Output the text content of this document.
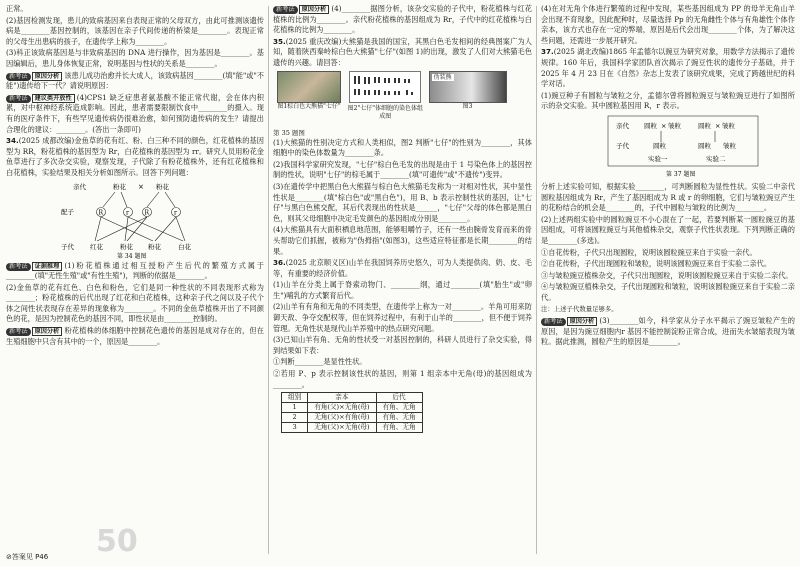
正常。

(2)基因检测发现，患儿的致病基因来自表现正常的父母双方，由此可推测该遗传病是________基因控制的，该基因在亲子代间传递的桥梁是________。表现正常的父母生出患病的孩子，在遗传学上称为________。

(3)科正该致病基因是与非致病基因的 DNA 进行操作，因为基因是________。基因编辑后，患儿身体恢复正常，说明基因与性状的关系是________。

新考法 原因分析 该患儿成功治愈并长大成人，该致病基因________(填"能"或"不能")遗传给下一代？请说明原因：

新考法 建议类开放性 (4)CPS1 缺乏症患者氨基酸不能正常代谢，会在体内积累，对中枢神经系统造成影响。因此，患者需要限制饮食中________的摄入。现有的医疗条件下，有些罕见遗传病仍很难治愈，如何预防遗传病的发生？请提出合理化的建议：________。(答出一条即可)

34.(2025 成都改编)金鱼草的花有红、粉、白三种不同的颜色，红花植株的基因型为 RR，粉花植株的基因型为 Rr，白花植株的基因型为 rr。研究人员用粉花金鱼草进行了多次杂交实验，观察发现，子代除了有粉花植株外，还有红花植株和白花植株，实验结果及相关分析如图所示。回答下列问题：

亲代	粉花 × 粉花
配子	R	r	R	r
子代 红花	粉花 粉花	白花
第 34 题图

新考法 证据推理 (1)粉花植株通过相互授粉产生后代的繁殖方式属于________(填"无性生殖"或"有性生殖")，判断的依据是________。

(2)金鱼草的花有红色、白色和粉色，它们是同一种性状的不同表现形式称为________；粉花植株的后代出现了红花和白花植株，这种亲子代之间以及子代个体之间性状表现存在差异的现象称为________。不同的金鱼草植株开出了不同颜色的花，是因为控制花色的基因不同，即性状是由________控制的。

新考法 原因分析 粉花植株的体细胞中控制花色遗传的基因是成对存在的，但在生殖细胞中只含有其中的一个，原因是________。

新考法 原因分析 (4)________据图分析，该杂交实验的子代中，粉花植株与红花植株的比例为________。亲代粉花植株的基因组成为 Rr，子代中的红花植株与白花植株的比例为________。

35.(2025 重庆改编)大熊猫是我国的国宝，其黑白色毛发相间的经典图案广为人知，随着陕西秦岭棕白色大熊猫"七仔"(如图 1)的出现，激发了人们对大熊猫毛色遗传的兴趣。请回答：

图1棕白色大熊猫"七仔"
	图2"七仔"体细胞的染色体组成图

伪装熊
图3

第 35 题图

(1)大熊猫的性别决定方式和人类相似，图2 判断"七仔"的性别为________，其体细胞中的染色体数量为________条。

(2)我国科学家研究发现，"七仔"棕白色毛发的出现是由于 1 号染色体上的基因控制的性状，说明"七仔"的棕毛属于________(填"可遗传"或"不遗传")变异。

(3)在遗传学中把黑白色大熊猫与棕白色大熊猫毛发称为一对相对性状，其中显性性状是________(填"棕白色"或"黑白色")，用 B、b 表示控制性状的基因，让"七仔"与黑白色熊交配，其后代表现出的性状是______，"七仔"父母的体色都是黑白色，则其父母细胞中决定毛发颜色的基因组成分别是________。

(4)大熊猫具有大面积栖息地范围，能够咀嚼竹子，还有一些由腕骨发育而来的骨头帮助它们抓握，被称为"伪拇指"(如图3)，这些适应特征都是长期________的结果。

36.(2025 北京顺义区)山羊在我国饲养历史悠久，可为人类提供肉、奶、皮、毛等，有重要的经济价值。

(1)山羊在分类上属于脊索动物门、________纲，通过________(填"胎生"或"卵生")哺乳的方式繁育后代。

(2)山羊有有角和无角的不同类型，在遗传学上称为一对________。羊角可用来防御天敌、争夺交配权等，但在饲养过程中，有利于山羊的________，但不便于饲养管理。无角性状是现代山羊养殖中的热点研究问题。

(3)已知山羊有角、无角的性状受一对基因控制的，科研人员进行了杂交实验，得到结果如下表：

①判断________是显性性状。

②若用 P、p 表示控制该性状的基因，则第 1 组亲本中无角(母)的基因组成为________。

组别	亲本	后代
1	有角(父)×无角(母)	有角、无角
2	无角(父)×有角(母)	有角、无角
3	无角(父)×无角(母)	有角、无角

(4)在对无角个体进行繁殖的过程中发现，某些基因组成为 PP 的母羊无角山羊会出现不育现象，因此配种时，尽量选择 Pp 的无角雌性个体与有角雄性个体作亲本，该方式也存在一定的弊端，原因是后代会出现________个体，为了解决这些问题，还需进一步展开研究。

37.(2025 湖北改编)1865 年孟德尔以豌豆为研究对象，用数学方法揭示了遗传规律。160 年后，我国科学家团队首次揭示了豌豆性状的遗传分子基础，并于 2025 年 4 月 23 日在《自然》杂志上发表了该研究成果，完成了跨越世纪的科学对话。

(1)豌豆种子有圆粒与皱粒之分，孟德尔曾将圆粒豌豆与皱粒豌豆进行了如图所示的杂交实验。其中圆粒基因用 R，r 表示。

亲代 圆粒 × 皱粒	圆粒 × 皱粒
子代	圆粒	圆粒 皱粒
实验一	实验二
第 37 题图

分析上述实验可知，根据实验________，可判断圆粒为显性性状。实验二中亲代圆粒基因组成为 Rr，产生了基因组成为 R 或 r 的卵细胞，它们与皱粒豌豆产生的花粉结合的机会是________的，子代中圆粒与皱粒的比例为________。

(2)上述两组实验中的圆粒豌豆不小心混在了一起，若要判断某一圆粒豌豆的基因组成，可将该圆粒豌豆与其他植株杂交，观察子代性状表现。下列判断正确的是________(多选)。

①自花传粉，子代只出现圆粒，说明该圆粒豌豆来自于实验一亲代。

②自花传粉，子代出现圆粒和皱粒，说明该圆粒豌豆来自于实验二亲代。

③与皱粒豌豆植株杂交，子代只出现圆粒，说明该圆粒豌豆来自于实验二亲代。

④与皱粒豌豆植株杂交，子代出现圆粒和皱粒，说明该圆粒豌豆来自于实验二亲代。

注：上述子代数量足够多。

新考法 原因分析 (3)________如今，科学家从分子水平揭示了豌豆皱粒产生的原因，是因为豌豆细胞内r 基因不能控制淀粉正常合成，进而失水皱缩表现为皱粒。据此推测，圆粒产生的原因是________。

50
⊘答案见 P46
